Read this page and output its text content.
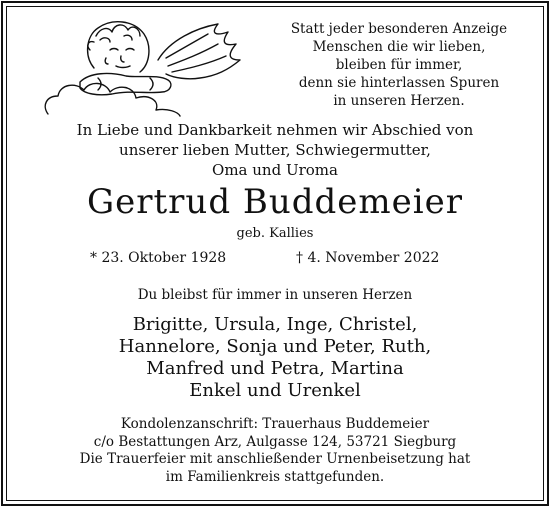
Statt jeder besonderen Anzeige
Menschen die wir lieben,
bleiben für immer,
denn sie hinterlassen Spuren
in unseren Herzen.
In Liebe und Dankbarkeit nehmen wir Abschied von
unserer lieben Mutter, Schwiegermutter,
Oma und Uroma
Gertrud Buddemeier
geb. Kallies
* 23. Oktober 1928	† 4. November 2022
Du bleibst für immer in unseren Herzen
Brigitte, Ursula, Inge, Christel,
Hannelore, Sonja und Peter, Ruth,
Manfred und Petra, Martina
Enkel und Urenkel
Kondolenzanschrift: Trauerhaus Buddemeier
c/o Bestattungen Arz, Aulgasse 124, 53721 Siegburg
Die Trauerfeier mit anschließender Urnenbeisetzung hat
im Familienkreis stattgefunden.
